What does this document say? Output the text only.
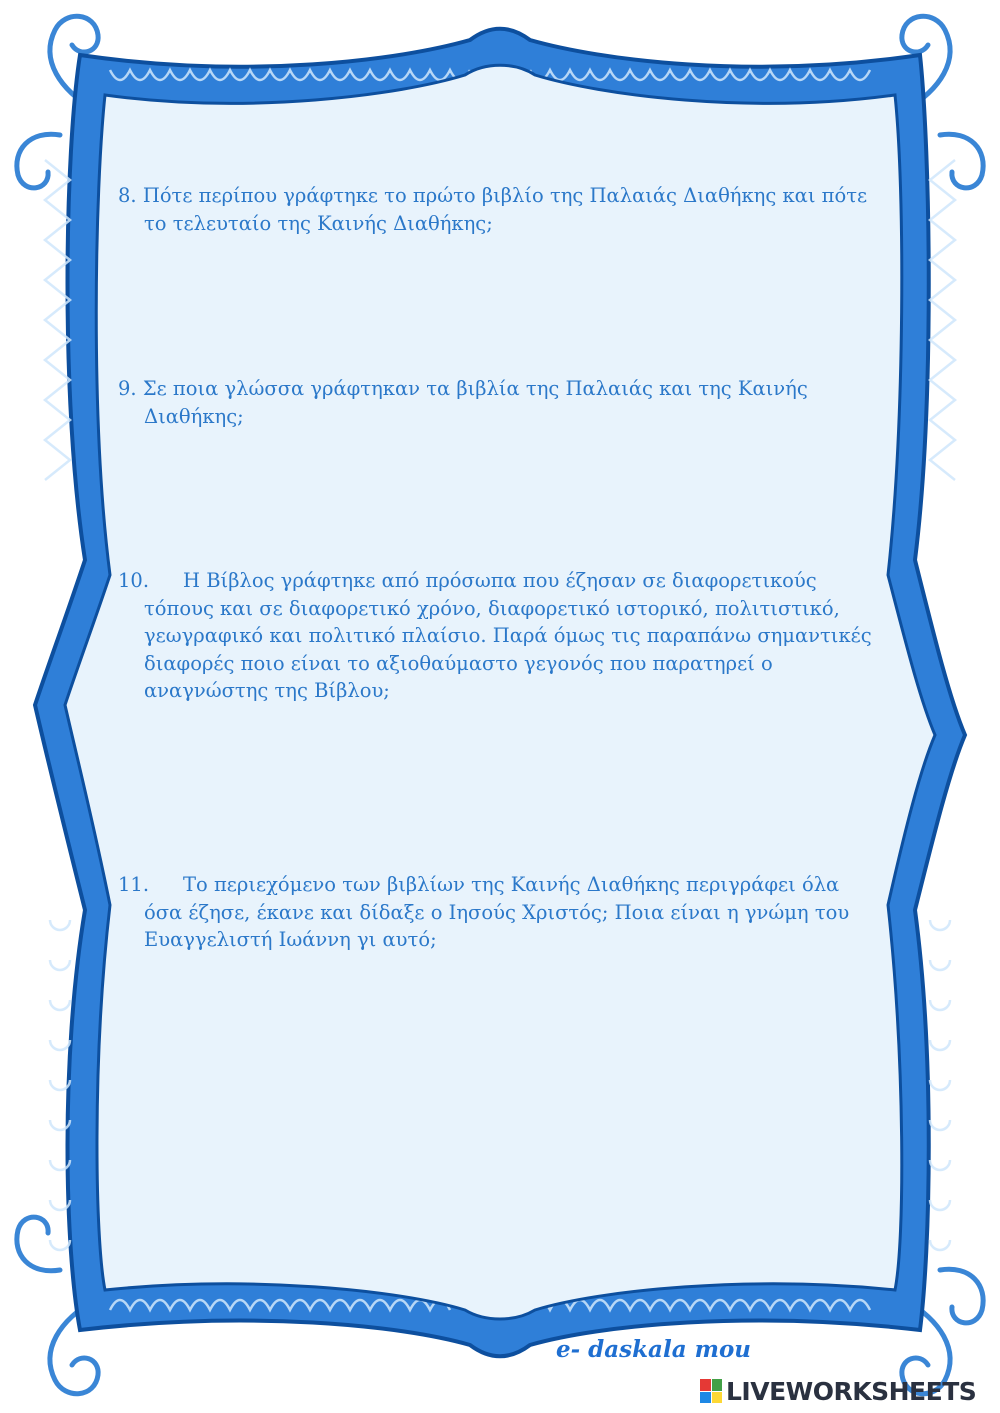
8. Πότε περίπου γράφτηκε το πρώτο βιβλίο της Παλαιάς Διαθήκης και πότε
το τελευταίο της Καινής Διαθήκης;
9. Σε ποια γλώσσα γράφτηκαν τα βιβλία της Παλαιάς και της Καινής
Διαθήκης;
10. Η Βίβλος γράφτηκε από πρόσωπα που έζησαν σε διαφορετικούς
τόπους και σε διαφορετικό χρόνο, διαφορετικό ιστορικό, πολιτιστικό,
γεωγραφικό και πολιτικό πλαίσιο. Παρά όμως τις παραπάνω σημαντικές
διαφορές ποιο είναι το αξιοθαύμαστο γεγονός που παρατηρεί ο
αναγνώστης της Βίβλου;
11. Το περιεχόμενο των βιβλίων της Καινής Διαθήκης περιγράφει όλα
όσα έζησε, έκανε και δίδαξε ο Ιησούς Χριστός; Ποια είναι η γνώμη του
Ευαγγελιστή Ιωάννη γι αυτό;
e- daskala mou
LIVEWORKSHEETS
